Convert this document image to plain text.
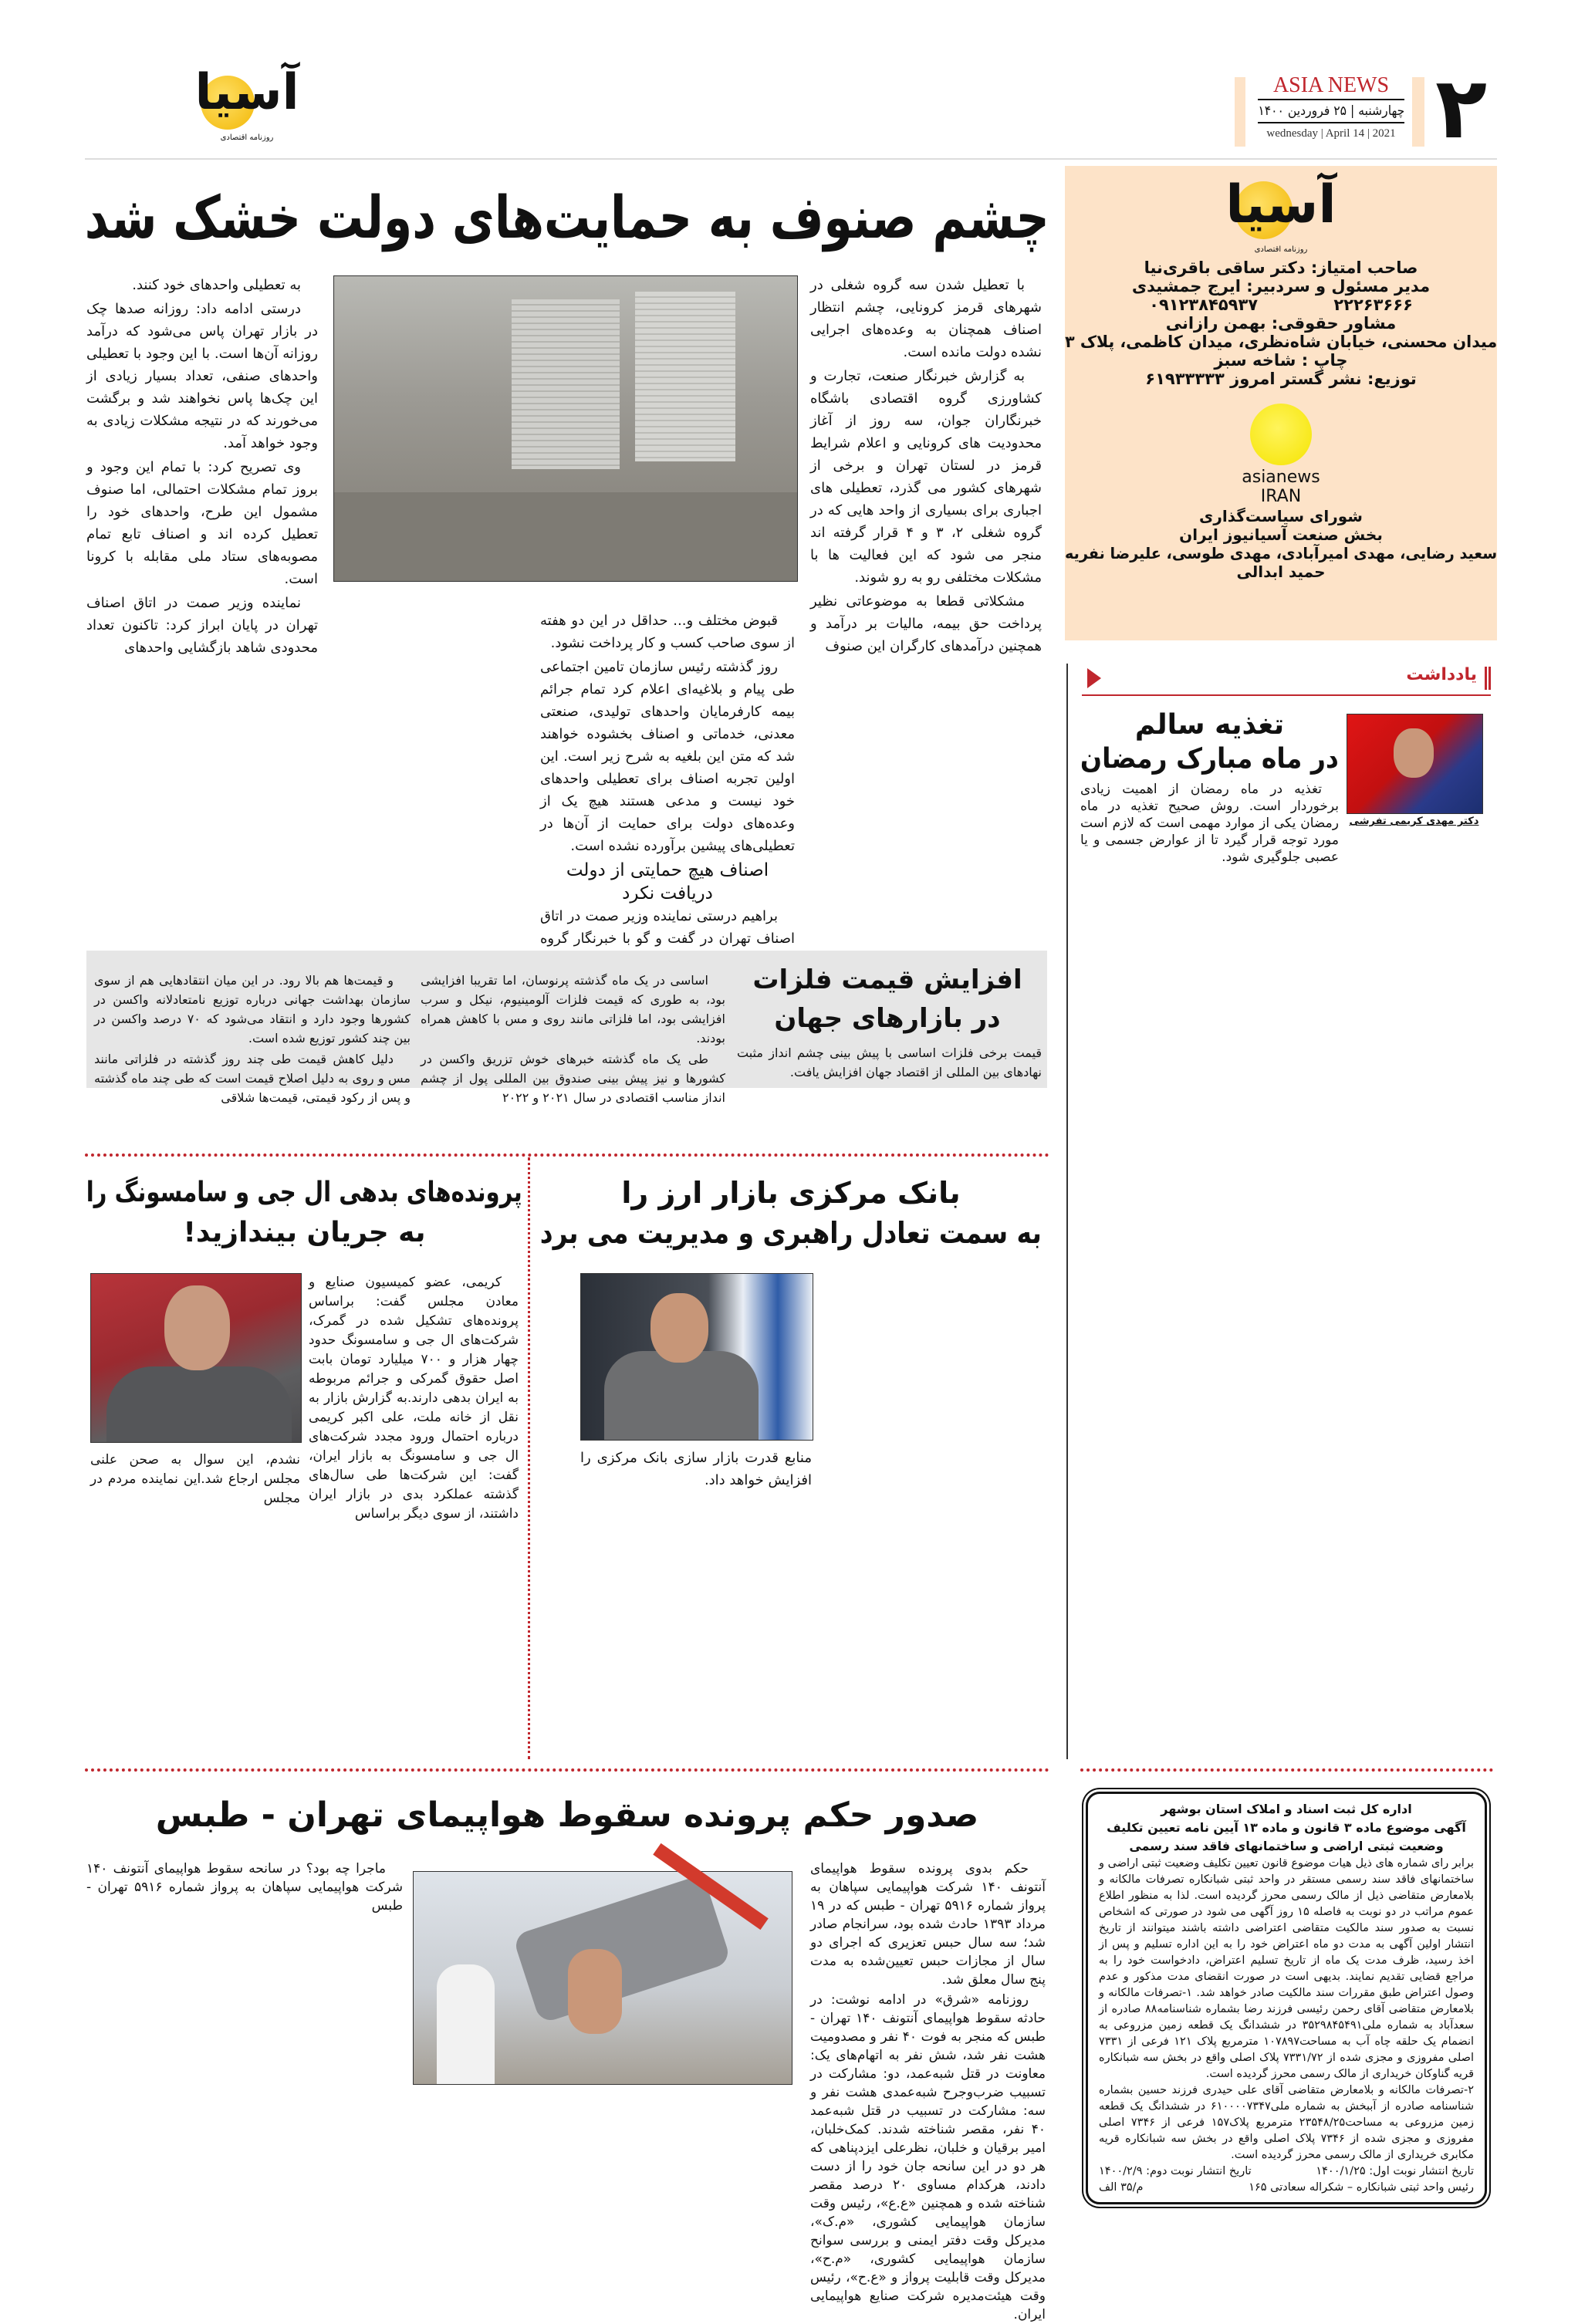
۲
ASIA NEWS
چهارشنبه | ۲۵ فروردین ۱۴۰۰
wednesday | April 14 | 2021
آسیا
روزنامه اقتصادی
آسیا
روزنامه اقتصادی
صاحب امتیاز: دکتر ساقی باقری‌نیا
مدیر مسئول و سردبیر: ایرج جمشیدی
۲۲۲۶۳۶۶۶
۰۹۱۲۳۸۴۵۹۳۷
مشاور حقوقی: بهمن رازانی
میدان محسنی، خیابان شاه‌نظری، میدان کاظمی، پلاک ۳
چاپ : شاخه سبز
توزیع: نشر گستر امروز ۶۱۹۳۳۳۳۳
asianews
IRAN
شورای سیاست‌گذاری
بخش صنعت آسیانیوز ایران
سعید رضایی، مهدی امیرآبادی، مهدی طوسی، علیرضا نفریه
حمید ابدالی
یادداشت
دکتر مهدی کریمی تفرشی
تغذیه سالم
در ماه مبارک رمضان

تغذیه در ماه رمضان از اهمیت زیادی برخوردار است. روش صحیح تغذیه در ماه رمضان یکی از موارد مهمی است که لازم است مورد توجه قرار گیرد تا از عوارض جسمی و یا عصبی جلوگیری شود.

چشم صنوف به حمایت‌های دولت خشک شد

با تعطیل شدن سه گروه شغلی در شهرهای قرمز کرونایی، چشم انتظار اصناف همچنان به وعده‌های اجرایی نشده دولت مانده است.

به گزارش خبرنگار صنعت، تجارت و کشاورزی گروه اقتصادی باشگاه خبرنگاران جوان، سه روز از آغاز محدودیت های کرونایی و اعلام شرایط قرمز در لستان تهران و برخی از شهرهای کشور می گذرد، تعطیلی های اجباری برای بسیاری از واحد هایی که در گروه شغلی ۲، ۳ و ۴ قرار گرفته اند منجر می شود که این فعالیت ها با مشکلات مختلفی رو به رو شوند.

مشکلاتی قطعا به موضوعاتی نظیر پرداخت حق بیمه، مالیات بر درآمد و همچنین درآمدهای کارگران این صنوف

قبوض مختلف و... حداقل در این دو هفته از سوی صاحب کسب و کار پرداخت نشود.

روز گذشته رئیس سازمان تامین اجتماعی طی پیام و بلاغیه‌ای اعلام کرد تمام جرائم بیمه کارفرمایان واحدهای تولیدی، صنعتی معدنی، خدماتی و اصناف بخشوده خواهند شد که متن این بلغیه به شرح زیر است. این اولین تجربه اصناف برای تعطیلی واحدهای خود نیست و مدعی هستند هیچ یک از وعده‌های دولت برای حمایت از آن‌ها در تعطیلی‌های پیشین برآورده نشده است.

اصناف هیچ حمایتی از دولت دریافت نکرد

براهیم درستی نماینده وزیر صمت در اتاق اصناف تهران در گفت و گو با خبرنگار گروه

به تعطیلی واحدهای خود کنند.

درستی ادامه داد: روزانه صدها چک در بازار تهران پاس می‌شود که درآمد روزانه آن‌ها است. با این وجود با تعطیلی واحدهای صنفی، تعداد بسیار زیادی از این چک‌ها پاس نخواهند شد و برگشت می‌خورند که در نتیجه مشکلات زیادی به وجود خواهد آمد.

وی تصریح کرد: با تمام این وجود و بروز تمام مشکلات احتمالی، اما صنوف مشمول این طرح، واحدهای خود را تعطیل کرده اند و اصناف تابع تمام مصوبه‌های ستاد ملی مقابله با کرونا است.

نماینده وزیر صمت در اتاق اصناف تهران در پایان ابراز کرد: تاکنون تعداد محدودی شاهد بازگشایی واحدهای

افزایش قیمت فلزات
در بازارهای جهان

قیمت برخی فلزات اساسی با پیش بینی چشم انداز مثبت نهادهای بین المللی از اقتصاد جهان افزایش یافت.

اساسی در یک ماه گذشته پرنوسان، اما تقریبا افزایشی بود، به طوری که قیمت فلزات آلومینیوم، نیکل و سرب افزایشی بود، اما فلزاتی مانند روی و مس با کاهش همراه بودند.

طی یک ماه گذشته خبرهای خوش تزریق واکسن در کشورها و نیز پیش بینی صندوق بین المللی پول از چشم انداز مناسب اقتصادی در سال ۲۰۲۱ و ۲۰۲۲

و قیمت‌ها هم بالا رود. در این میان انتقادهایی هم از سوی سازمان بهداشت جهانی درباره توزیع نامتعادلانه واکسن در کشورها وجود دارد و انتقاد می‌شود که ۷۰ درصد واکسن در بین چند کشور توزیع شده است.

دلیل کاهش قیمت طی چند روز گذشته در فلزاتی مانند مس و روی به دلیل اصلاح قیمت است که طی چند ماه گذشته و پس از رکود قیمتی، قیمت‌ها شلاقی

بانک مرکزی بازار ارز را
به سمت تعادل راهبری و مدیریت می برد

منابع قدرت بازار سازی بانک مرکزی را افزایش خواهد داد.

پرونده‌های بدهی ال جی و سامسونگ را
به جریان بیندازید!

کریمی، عضو کمیسیون صنایع و معادن مجلس گفت: براساس پرونده‌های تشکیل شده در گمرک، شرکت‌های ال جی و سامسونگ حدود چهار هزار و ۷۰۰ میلیارد تومان بابت اصل حقوق گمرکی و جرائم مربوطه به ایران بدهی دارند.به گزارش بازار به نقل از خانه ملت، علی اکبر کریمی درباره احتمال ورود مجدد شرکت‌های ال جی و سامسونگ به بازار ایران، گفت: این شرکت‌ها طی سال‌های گذشته عملکرد بدی در بازار ایران داشتند، از سوی دیگر براساس

نشدم، این سوال به صحن علنی مجلس ارجاع شد.این نماینده مردم در مجلس

صدور حکم پرونده سقوط هواپیمای تهران - طبس

حکم بدوی پرونده سقوط هواپیمای آنتونف ۱۴۰ شرکت هواپیمایی سپاهان به پرواز شماره ۵۹۱۶ تهران - طبس که در ۱۹ مرداد ۱۳۹۳ حادث شده بود، سرانجام صادر شد؛ سه سال حبس تعزیری که اجرای دو سال از مجازات حبس تعیین‌شده به مدت پنج سال معلق شد.

روزنامه «شرق» در ادامه نوشت: در حادثه سقوط هواپیمای آنتونف ۱۴۰ تهران - طبس که منجر به فوت ۴۰ نفر و مصدومیت هشت نفر شد، شش نفر به اتهام‌های یک: معاونت در قتل شبه‌عمد، دو: مشارکت در تسبیب ضرب‌وجرح شبه‌عمدی هشت نفر و سه: مشارکت در تسبیب در قتل شبه‌عمد ۴۰ نفر، مقصر شناخته شدند. کمک‌خلبان، امیر برقیان و خلبان، نظرعلی ایزدپناهی که هر دو در این سانحه جان خود را از دست دادند، هرکدام مساوی ۲۰ درصد مقصر شناخته شده و همچنین «ع.ع»، رئیس وقت سازمان هواپیمایی کشوری، «م.ک»، مدیرکل وقت دفتر ایمنی و بررسی سوانح سازمان هواپیمایی کشوری، «م.ح»، مدیرکل وقت قابلیت پرواز و «ع.ح»، رئیس وقت هیئت‌مدیره شرکت صنایع هواپیمایی ایران.

ماجرا چه بود؟ در سانحه سقوط هواپیمای آنتونف ۱۴۰ شرکت هواپیمایی سپاهان به پرواز شماره ۵۹۱۶ تهران - طبس

اداره کل ثبت اسناد و املاک استان بوشهر
آگهی موضوع ماده ۳ قانون و ماده ۱۳ آیین نامه تعیین تکلیف وضعیت ثبتی اراضی و ساختمانهای فاقد سند رسمی
برابر رای شماره های ذیل هیات موضوع قانون تعیین تکلیف وضعیت ثبتی اراضی و ساختمانهای فاقد سند رسمی مستقر در واحد ثبتی شبانکاره تصرفات مالکانه و بلامعارض متقاضی ذیل از مالک رسمی محرز گردیده است. لذا به منظور اطلاع عموم مراتب در دو نوبت به فاصله ۱۵ روز آگهی می شود در صورتی که اشخاص نسبت به صدور سند مالکیت متقاضی اعتراضی داشته باشند میتوانند از تاریخ انتشار اولین آگهی به مدت دو ماه اعتراض خود را به این اداره تسلیم و پس از اخذ رسید، ظرف مدت یک ماه از تاریخ تسلیم اعتراض، دادخواست خود را به مراجع قضایی تقدیم نمایند. بدیهی است در صورت انقضای مدت مذکور و عدم وصول اعتراض طبق مقررات سند مالکیت صادر خواهد شد. ۱-تصرفات مالکانه و بلامعارض متقاضی آقای رحمن رئیسی فرزند رضا بشماره شناسنامه۸۸ صادره از سعدآباد به شماره ملی۳۵۲۹۸۴۵۴۹۱ در ششدانگ یک قطعه زمین مزروعی به انضمام یک حلقه چاه آب به مساحت۱۰۷۸۹۷ مترمربع پلاک ۱۲۱ فرعی از ۷۳۳۱ اصلی مفروزی و مجزی شده از ۷۳۳۱/۷۲ پلاک اصلی واقع در بخش سه شبانکاره قریه گناوکان خریداری از مالک رسمی محرز گردیده است.
۲-تصرفات مالکانه و بلامعارض متقاضی آقای علی حیدری فرزند حسین بشماره شناسنامه صادره از آببخش به شماره ملی۶۱۰۰۰۰۷۳۴۷ در ششدانگ یک قطعه زمین مزروعی به مساحت۲۳۵۴۸/۲۵ مترمربع پلاک۱۵۷ فرعی از ۷۳۴۶ اصلی مفروزی و مجزی شده از ۷۳۴۶ پلاک اصلی واقع در بخش سه شبانکاره قریه مکابری خریداری از مالک رسمی محرز گردیده است.
تاریخ انتشار نوبت اول: ۱۴۰۰/۱/۲۵
تاریخ انتشار نوبت دوم: ۱۴۰۰/۲/۹
رئیس واحد ثبتی شبانکاره – شکراله سعادتی ۱۶۵
م/۳۵ الف
